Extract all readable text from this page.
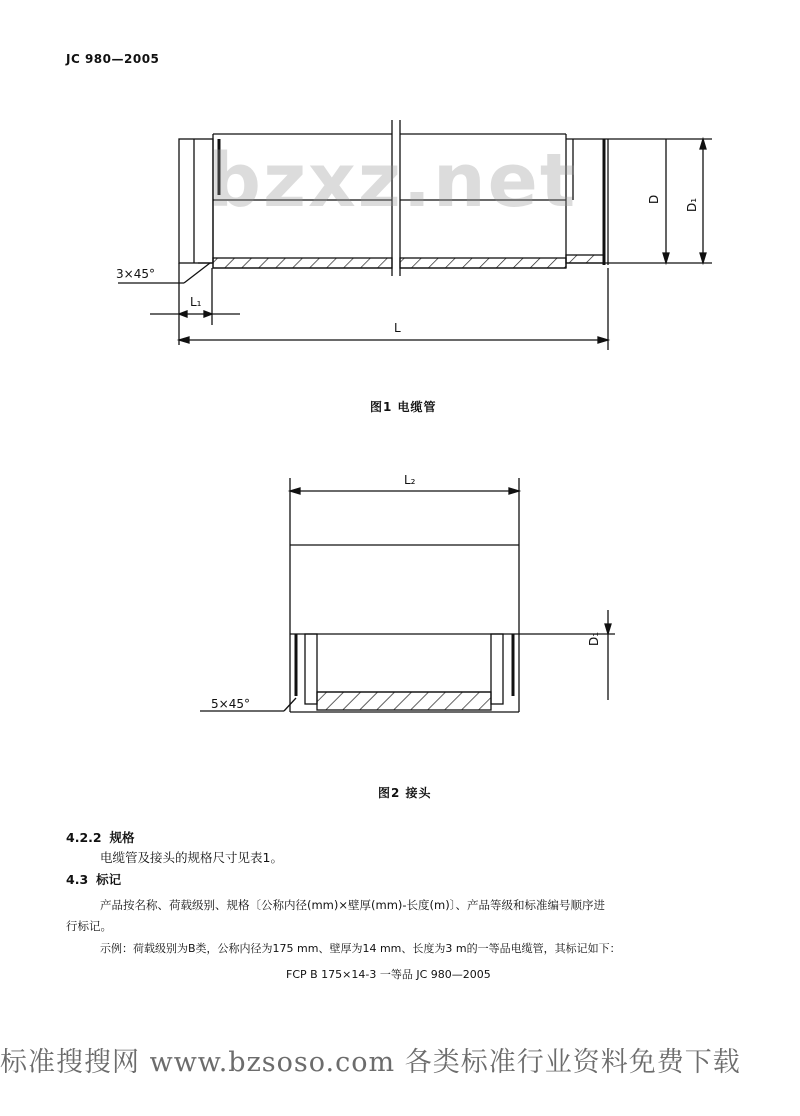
JC 980—2005
3×45°
L₁
L
D D₁
5×45°
L₂
D₁
bzxz.net
图1 电缆管
图2 接头
4.2.2 规格
电缆管及接头的规格尺寸见表1。
4.3 标记
产品按名称、荷载级别、规格〔公称内径(mm)×壁厚(mm)-长度(m)〕、产品等级和标准编号顺序进
行标记。
示例：荷载级别为B类，公称内径为175 mm、壁厚为14 mm、长度为3 m的一等品电缆管，其标记如下：
FCP B 175×14-3 一等品 JC 980—2005
标准搜搜网 www.bzsoso.com 各类标准行业资料免费下载
